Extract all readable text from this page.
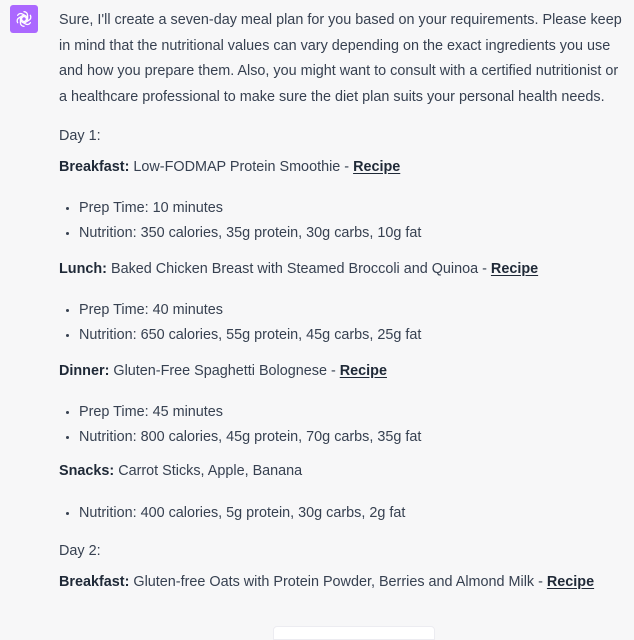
Sure, I'll create a seven-day meal plan for you based on your requirements. Please keep in mind that the nutritional values can vary depending on the exact ingredients you use and how you prepare them. Also, you might want to consult with a certified nutritionist or a healthcare professional to make sure the diet plan suits your personal health needs.

Day 1:

Breakfast: Low-FODMAP Protein Smoothie - Recipe

Prep Time: 10 minutes
Nutrition: 350 calories, 35g protein, 30g carbs, 10g fat

Lunch: Baked Chicken Breast with Steamed Broccoli and Quinoa - Recipe

Prep Time: 40 minutes
Nutrition: 650 calories, 55g protein, 45g carbs, 25g fat

Dinner: Gluten-Free Spaghetti Bolognese - Recipe

Prep Time: 45 minutes
Nutrition: 800 calories, 45g protein, 70g carbs, 35g fat

Snacks: Carrot Sticks, Apple, Banana

Nutrition: 400 calories, 5g protein, 30g carbs, 2g fat

Day 2:

Breakfast: Gluten-free Oats with Protein Powder, Berries and Almond Milk - Recipe
